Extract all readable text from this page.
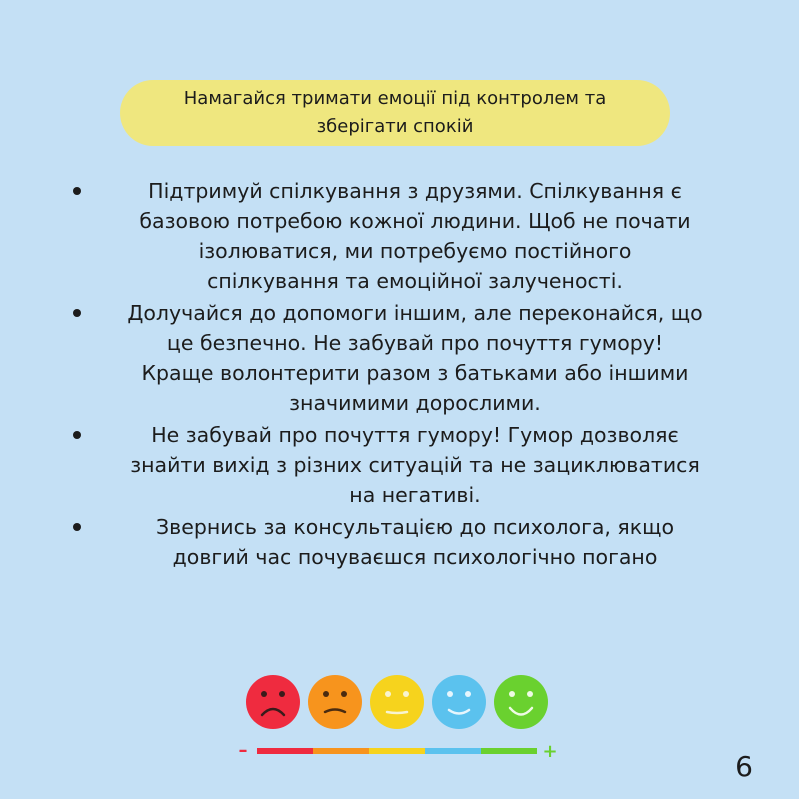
Намагайся тримати емоції під контролем та
зберігати спокій
Підтримуй спілкування з друзями. Спілкування є
базовою потребою кожної людини. Щоб не почати
ізолюватися, ми потребуємо постійного
спілкування та емоційної залученості.
Долучайся до допомоги іншим, але переконайся, що
це безпечно. Не забувай про почуття гумору!
Краще волонтерити разом з батьками або іншими
значимими дорослими.
Не забувай про почуття гумору! Гумор дозволяє
знайти вихід з різних ситуацій та не зациклюватися
на негативі.
Звернись за консультацією до психолога, якщо
довгий час почуваєшся психологічно погано
–	+	6
